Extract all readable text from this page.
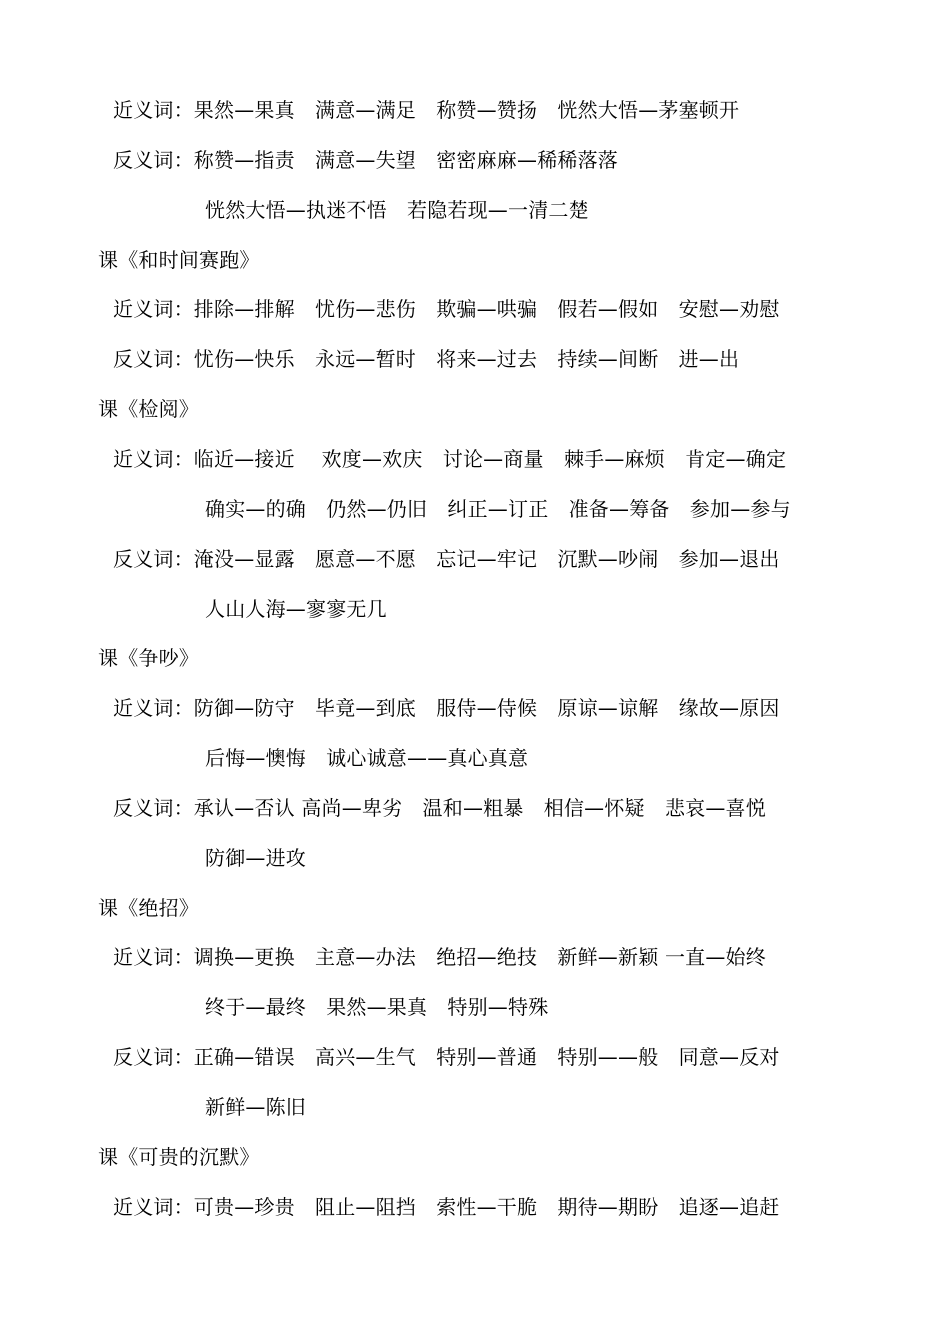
近义词：果然—果真　满意—满足　称赞—赞扬　恍然大悟—茅塞顿开
反义词：称赞—指责　满意—失望　密密麻麻—稀稀落落
恍然大悟—执迷不悟　若隐若现—一清二楚
课《和时间赛跑》
近义词：排除—排解　忧伤—悲伤　欺骗—哄骗　假若—假如　安慰—劝慰
反义词：忧伤—快乐　永远—暂时　将来—过去　持续—间断　进—出
课《检阅》
近义词：临近—接近　 欢度—欢庆　讨论—商量　棘手—麻烦　肯定—确定
确实—的确　仍然—仍旧　纠正—订正　准备—筹备　参加—参与
反义词：淹没—显露　愿意—不愿　忘记—牢记　沉默—吵闹　参加—退出
人山人海—寥寥无几
课《争吵》
近义词：防御—防守　毕竟—到底　服侍—侍候　原谅—谅解　缘故—原因
后悔—懊悔　诚心诚意——真心真意
反义词：承认—否认 高尚—卑劣　温和—粗暴　相信—怀疑　悲哀—喜悦
防御—进攻
课《绝招》
近义词：调换—更换　主意—办法　绝招—绝技　新鲜—新颖 一直—始终
终于—最终　果然—果真　特别—特殊
反义词：正确—错误　高兴—生气　特别—普通　特别——般　同意—反对
新鲜—陈旧
课《可贵的沉默》
近义词：可贵—珍贵　阻止—阻挡　索性—干脆　期待—期盼　追逐—追赶
